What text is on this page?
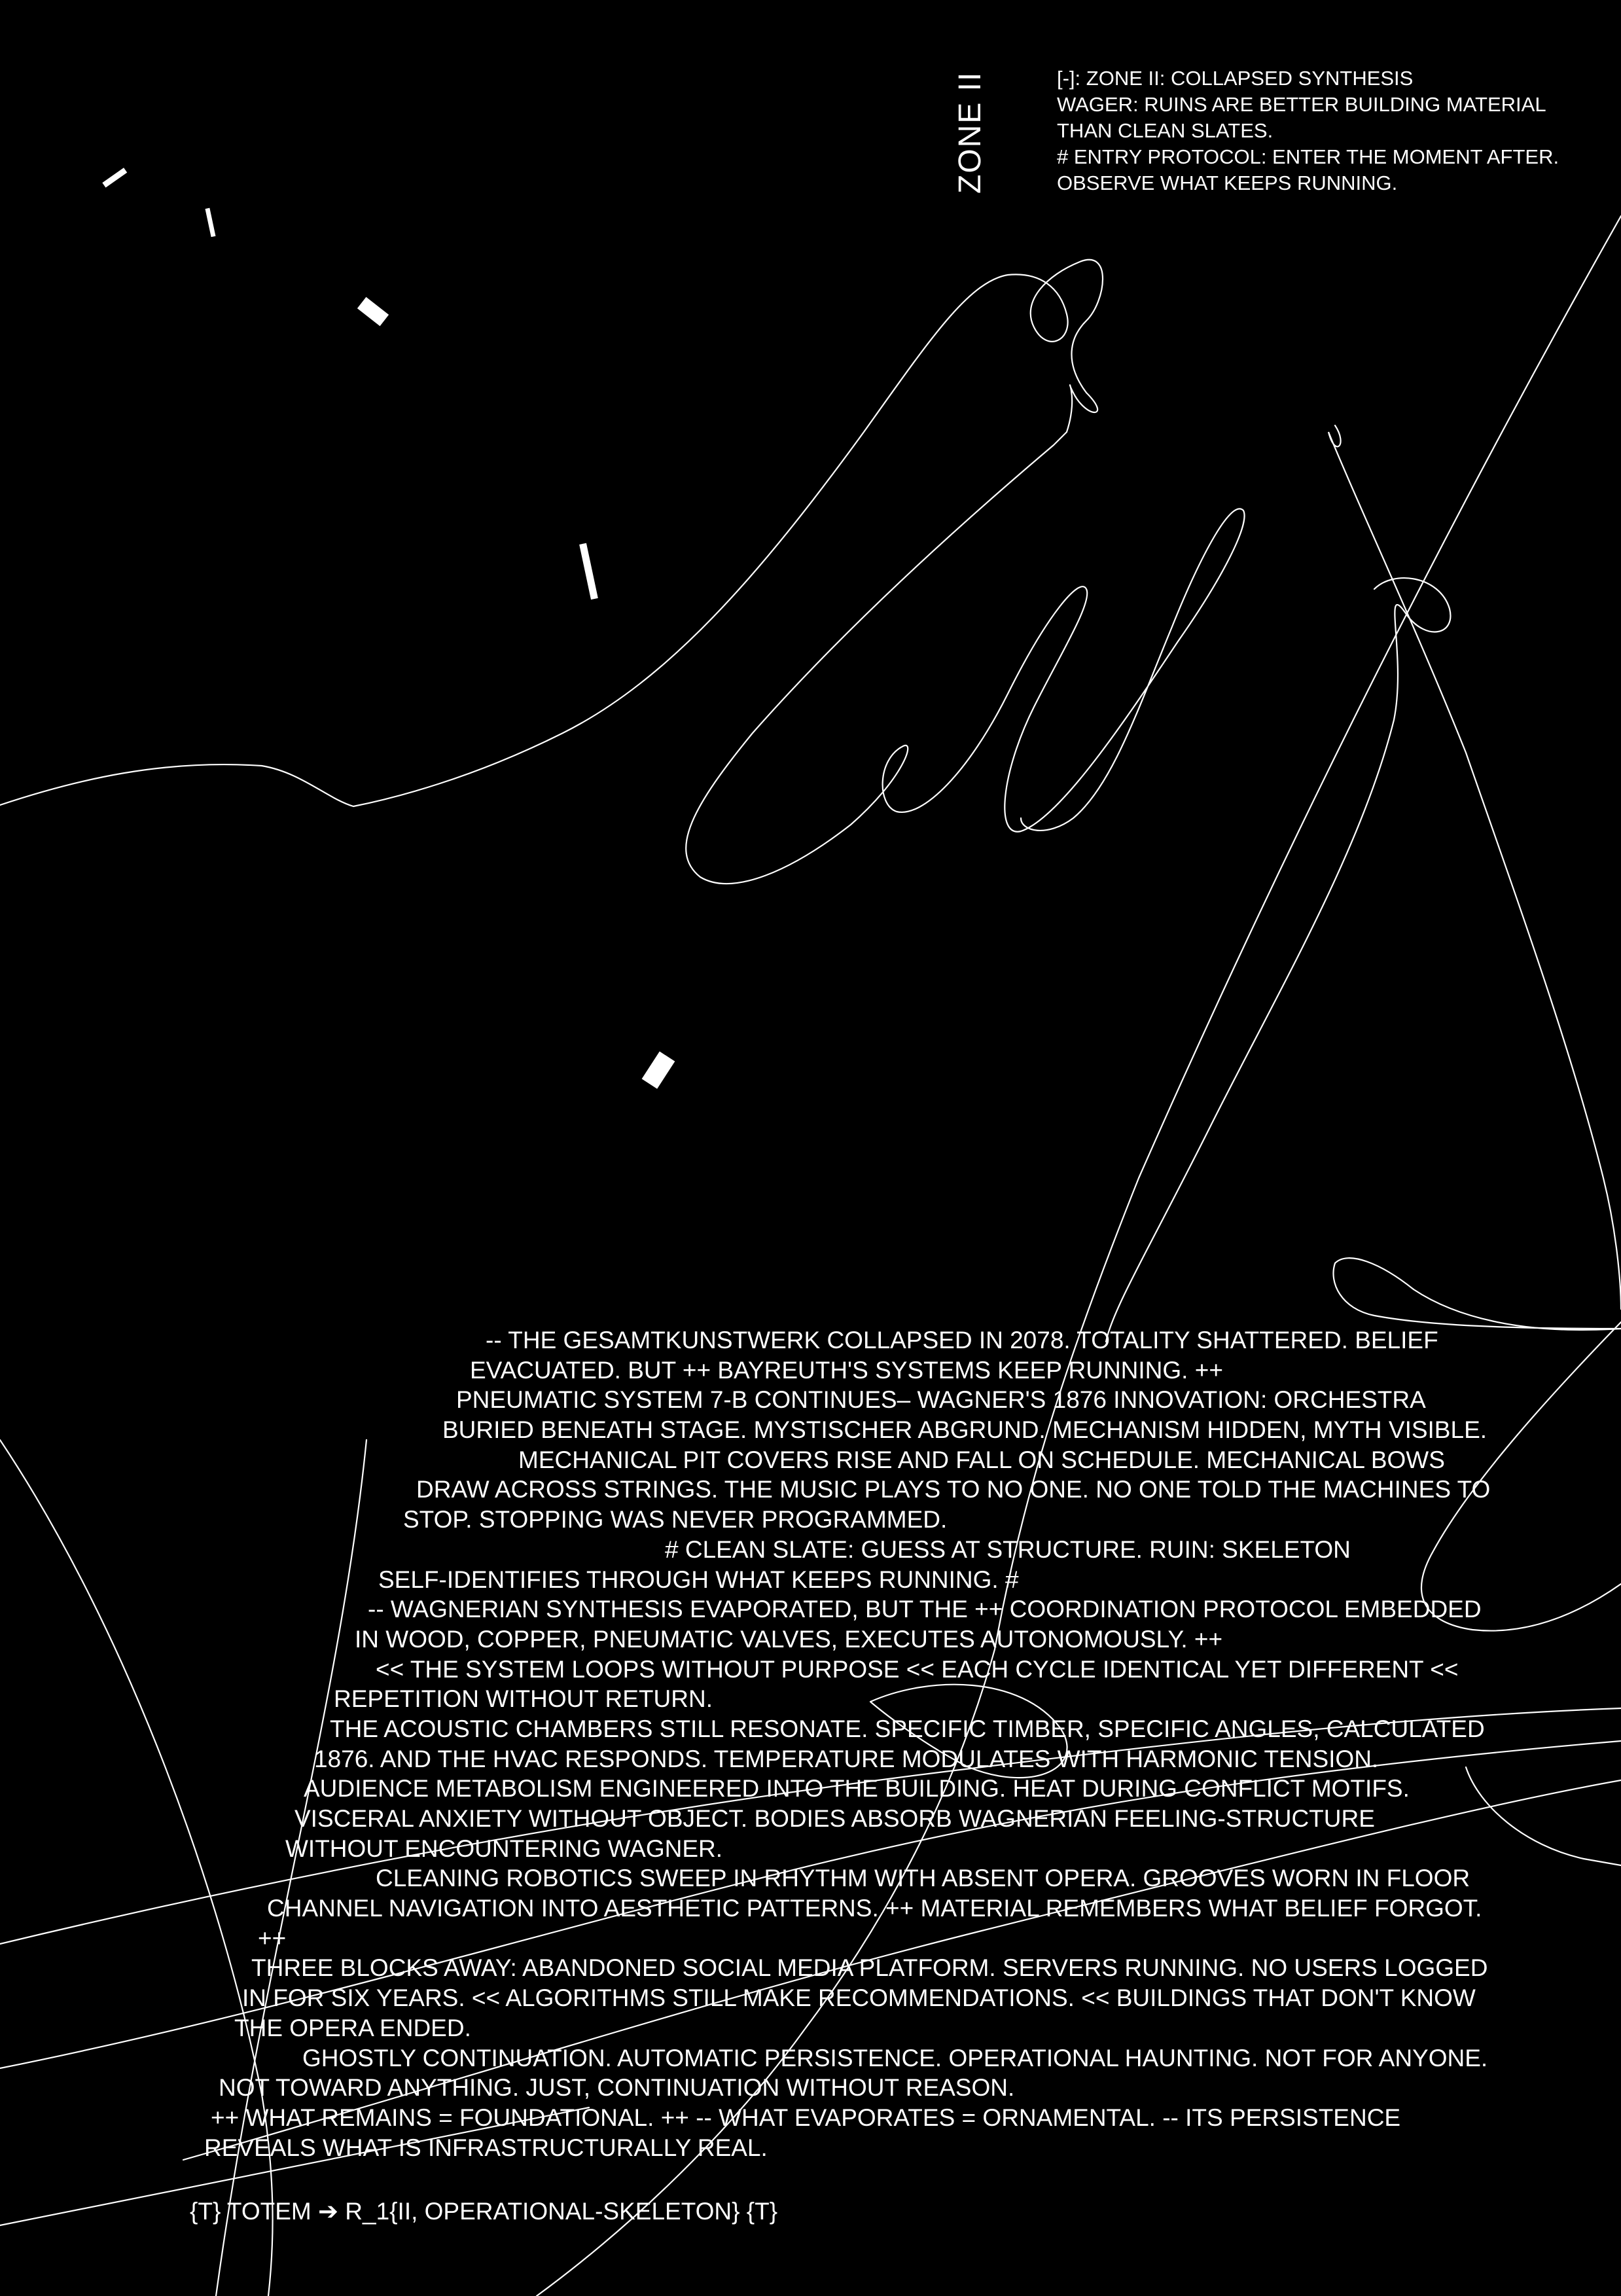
ZONE II	[-]: ZONE II: COLLAPSED SYNTHESIS
WAGER: RUINS ARE BETTER BUILDING MATERIAL
THAN CLEAN SLATES.
# ENTRY PROTOCOL: ENTER THE MOMENT AFTER.
OBSERVE WHAT KEEPS RUNNING.
-- THE GESAMTKUNSTWERK COLLAPSED IN 2078. TOTALITY SHATTERED. BELIEF
EVACUATED. BUT ++ BAYREUTH'S SYSTEMS KEEP RUNNING. ++
PNEUMATIC SYSTEM 7-B CONTINUES– WAGNER'S 1876 INNOVATION: ORCHESTRA
BURIED BENEATH STAGE. MYSTISCHER ABGRUND. MECHANISM HIDDEN, MYTH VISIBLE.
MECHANICAL PIT COVERS RISE AND FALL ON SCHEDULE. MECHANICAL BOWS
DRAW ACROSS STRINGS. THE MUSIC PLAYS TO NO ONE. NO ONE TOLD THE MACHINES TO
STOP. STOPPING WAS NEVER PROGRAMMED.
# CLEAN SLATE: GUESS AT STRUCTURE. RUIN: SKELETON
SELF-IDENTIFIES THROUGH WHAT KEEPS RUNNING. #
-- WAGNERIAN SYNTHESIS EVAPORATED, BUT THE ++ COORDINATION PROTOCOL EMBEDDED
IN WOOD, COPPER, PNEUMATIC VALVES, EXECUTES AUTONOMOUSLY. ++
<< THE SYSTEM LOOPS WITHOUT PURPOSE << EACH CYCLE IDENTICAL YET DIFFERENT <<
REPETITION WITHOUT RETURN.
THE ACOUSTIC CHAMBERS STILL RESONATE. SPECIFIC TIMBER, SPECIFIC ANGLES, CALCULATED
1876. AND THE HVAC RESPONDS. TEMPERATURE MODULATES WITH HARMONIC TENSION.
AUDIENCE METABOLISM ENGINEERED INTO THE BUILDING. HEAT DURING CONFLICT MOTIFS.
VISCERAL ANXIETY WITHOUT OBJECT. BODIES ABSORB WAGNERIAN FEELING-STRUCTURE
WITHOUT ENCOUNTERING WAGNER.
CLEANING ROBOTICS SWEEP IN RHYTHM WITH ABSENT OPERA. GROOVES WORN IN FLOOR
CHANNEL NAVIGATION INTO AESTHETIC PATTERNS. ++ MATERIAL REMEMBERS WHAT BELIEF FORGOT.
++
THREE BLOCKS AWAY: ABANDONED SOCIAL MEDIA PLATFORM. SERVERS RUNNING. NO USERS LOGGED
IN FOR SIX YEARS. << ALGORITHMS STILL MAKE RECOMMENDATIONS. << BUILDINGS THAT DON'T KNOW
THE OPERA ENDED.
GHOSTLY CONTINUATION. AUTOMATIC PERSISTENCE. OPERATIONAL HAUNTING. NOT FOR ANYONE.
NOT TOWARD ANYTHING. JUST, CONTINUATION WITHOUT REASON.
++ WHAT REMAINS = FOUNDATIONAL. ++ -- WHAT EVAPORATES = ORNAMENTAL. -- ITS PERSISTENCE
REVEALS WHAT IS INFRASTRUCTURALLY REAL.
{T} TOTEM ➔ R_1{II, OPERATIONAL-SKELETON} {T}
